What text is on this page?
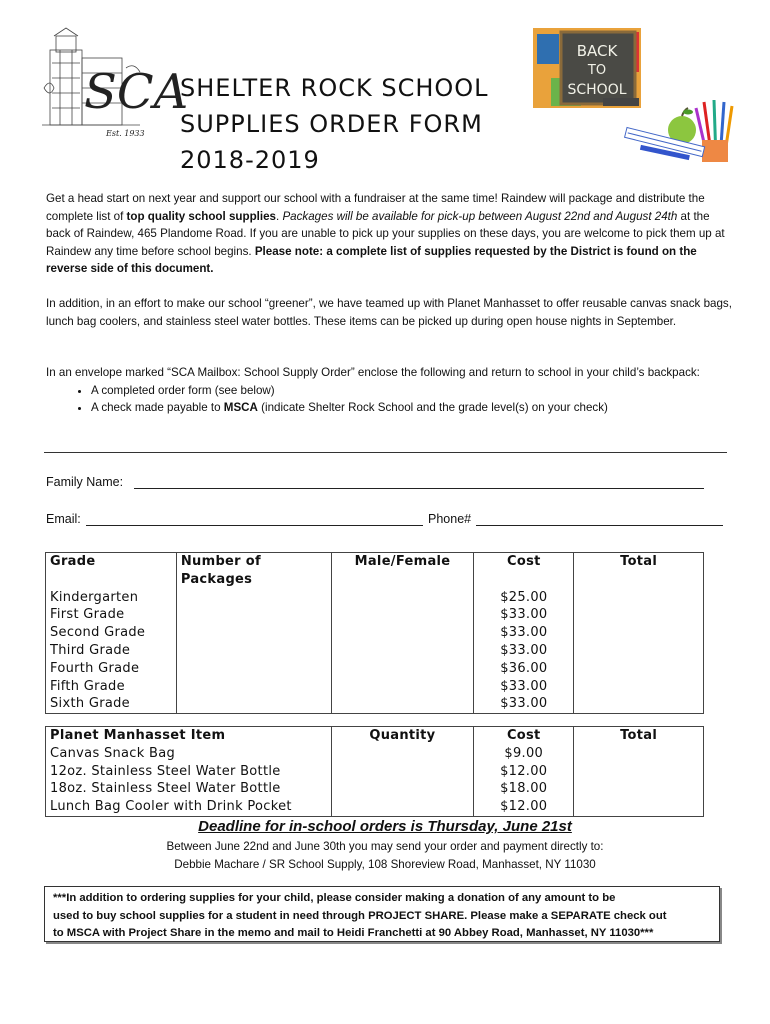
SCA
Est. 1933
SHELTER ROCK SCHOOL
SUPPLIES ORDER FORM
2018-2019
BACK
TO
SCHOOL
Get a head start on next year and support our school with a fundraiser at the same time! Raindew will package and distribute the complete list of top quality school supplies. Packages will be available for pick-up between August 22nd and August 24th at the back of Raindew, 465 Plandome Road. If you are unable to pick up your supplies on these days, you are welcome to pick them up at Raindew any time before school begins. Please note: a complete list of supplies requested by the District is found on the reverse side of this document.
In addition, in an effort to make our school “greener”, we have teamed up with Planet Manhasset to offer reusable canvas snack bags, lunch bag coolers, and stainless steel water bottles. These items can be picked up during open house nights in September.
In an envelope marked “SCA Mailbox: School Supply Order” enclose the following and return to school in your child’s backpack:
• A completed order form (see below)
• A check made payable to MSCA (indicate Shelter Rock School and the grade level(s) on your check)
Family Name:
Email:	Phone#
Grade	Number of Packages	Male/Female	Cost	Total
Kindergarten			$25.00	
First Grade			$33.00	
Second Grade			$33.00	
Third Grade			$33.00	
Fourth Grade			$36.00	
Fifth Grade			$33.00	
Sixth Grade			$33.00	
Planet Manhasset Item	Quantity	Cost	Total
Canvas Snack Bag		$9.00	
12oz. Stainless Steel Water Bottle		$12.00	
18oz. Stainless Steel Water Bottle		$18.00	
Lunch Bag Cooler with Drink Pocket		$12.00	
Deadline for in-school orders is Thursday, June 21st
Between June 22nd and June 30th you may send your order and payment directly to:
Debbie Machare / SR School Supply, 108 Shoreview Road, Manhasset, NY 11030
***In addition to ordering supplies for your child, please consider making a donation of any amount to be
used to buy school supplies for a student in need through PROJECT SHARE. Please make a SEPARATE check out
to MSCA with Project Share in the memo and mail to Heidi Franchetti at 90 Abbey Road, Manhasset, NY 11030***
